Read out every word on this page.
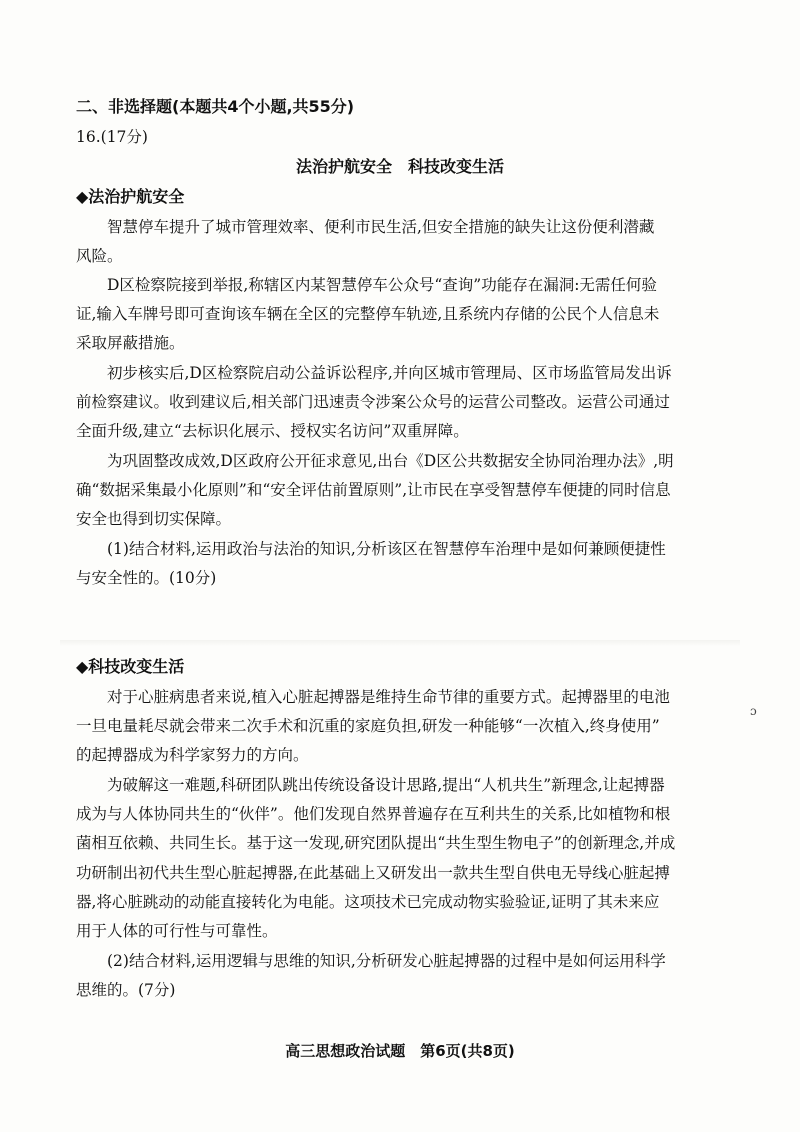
二、非选择题(本题共4个小题,共55分)
16.(17分)
法治护航安全　科技改变生活
◆法治护航安全
智慧停车提升了城市管理效率、便利市民生活,但安全措施的缺失让这份便利潜藏
风险。
D区检察院接到举报,称辖区内某智慧停车公众号“查询”功能存在漏洞:无需任何验
证,输入车牌号即可查询该车辆在全区的完整停车轨迹,且系统内存储的公民个人信息未
采取屏蔽措施。
初步核实后,D区检察院启动公益诉讼程序,并向区城市管理局、区市场监管局发出诉
前检察建议。收到建议后,相关部门迅速责令涉案公众号的运营公司整改。运营公司通过
全面升级,建立“去标识化展示、授权实名访问”双重屏障。
为巩固整改成效,D区政府公开征求意见,出台《D区公共数据安全协同治理办法》,明
确“数据采集最小化原则”和“安全评估前置原则”,让市民在享受智慧停车便捷的同时信息
安全也得到切实保障。
(1)结合材料,运用政治与法治的知识,分析该区在智慧停车治理中是如何兼顾便捷性
与安全性的。(10分)
◆科技改变生活
对于心脏病患者来说,植入心脏起搏器是维持生命节律的重要方式。起搏器里的电池
一旦电量耗尽就会带来二次手术和沉重的家庭负担,研发一种能够“一次植入,终身使用”
的起搏器成为科学家努力的方向。
为破解这一难题,科研团队跳出传统设备设计思路,提出“人机共生”新理念,让起搏器
成为与人体协同共生的“伙伴”。他们发现自然界普遍存在互利共生的关系,比如植物和根
菌相互依赖、共同生长。基于这一发现,研究团队提出“共生型生物电子”的创新理念,并成
功研制出初代共生型心脏起搏器,在此基础上又研发出一款共生型自供电无导线心脏起搏
器,将心脏跳动的动能直接转化为电能。这项技术已完成动物实验验证,证明了其未来应
用于人体的可行性与可靠性。
(2)结合材料,运用逻辑与思维的知识,分析研发心脏起搏器的过程中是如何运用科学
思维的。(7分)
ɔ
高三思想政治试题　第6页(共8页)
